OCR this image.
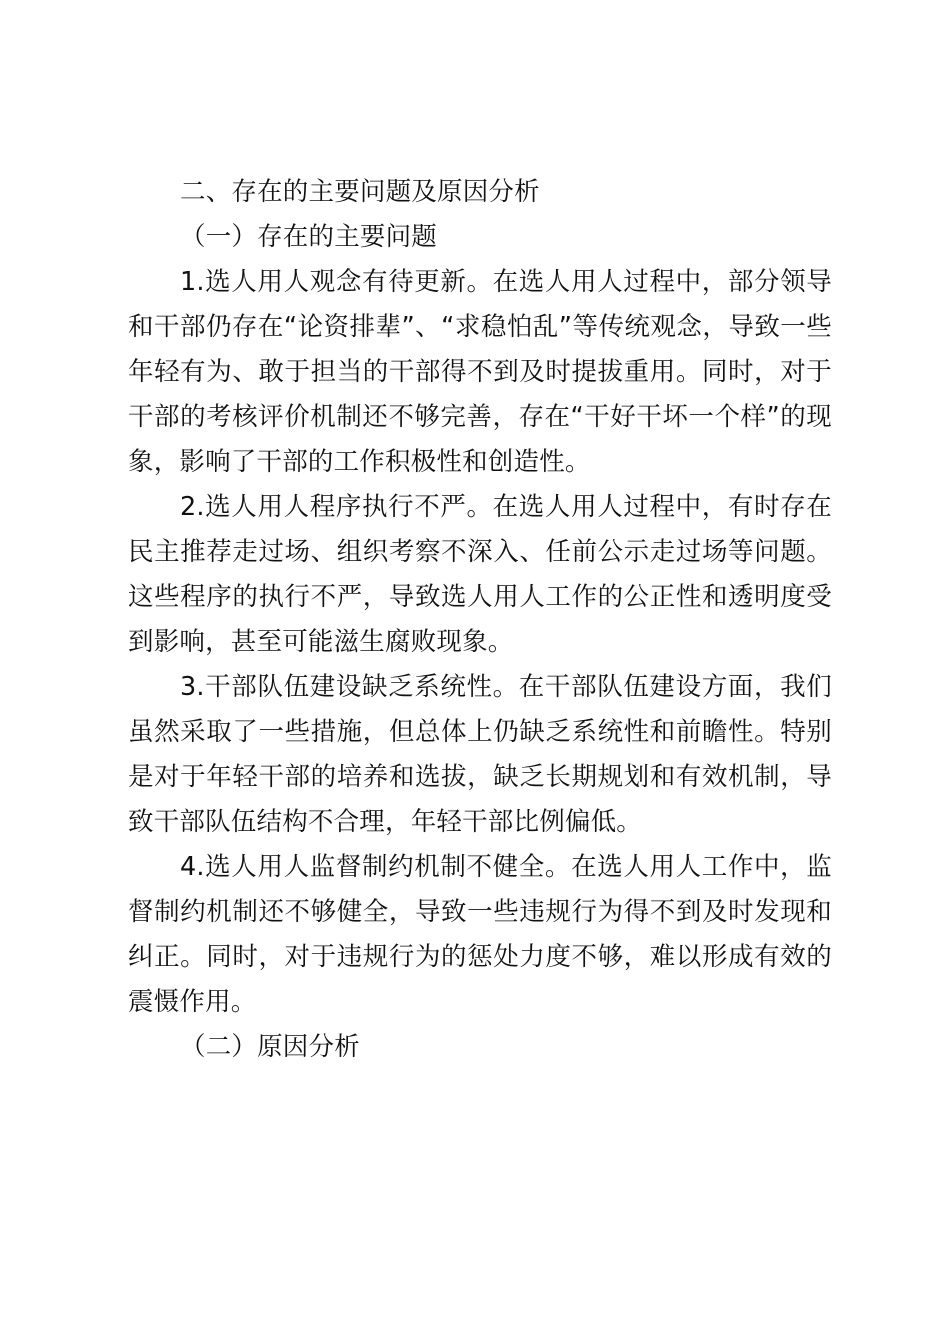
二、存在的主要问题及原因分析

（一）存在的主要问题

1.选人用人观念有待更新。在选人用人过程中，部分领导和干部仍存在“论资排辈”、“求稳怕乱”等传统观念，导致一些年轻有为、敢于担当的干部得不到及时提拔重用。同时，对于干部的考核评价机制还不够完善，存在“干好干坏一个样”的现象，影响了干部的工作积极性和创造性。

2.选人用人程序执行不严。在选人用人过程中，有时存在民主推荐走过场、组织考察不深入、任前公示走过场等问题。这些程序的执行不严，导致选人用人工作的公正性和透明度受到影响，甚至可能滋生腐败现象。

3.干部队伍建设缺乏系统性。在干部队伍建设方面，我们虽然采取了一些措施，但总体上仍缺乏系统性和前瞻性。特别是对于年轻干部的培养和选拔，缺乏长期规划和有效机制，导致干部队伍结构不合理，年轻干部比例偏低。

4.选人用人监督制约机制不健全。在选人用人工作中，监督制约机制还不够健全，导致一些违规行为得不到及时发现和纠正。同时，对于违规行为的惩处力度不够，难以形成有效的震慑作用。

（二）原因分析
